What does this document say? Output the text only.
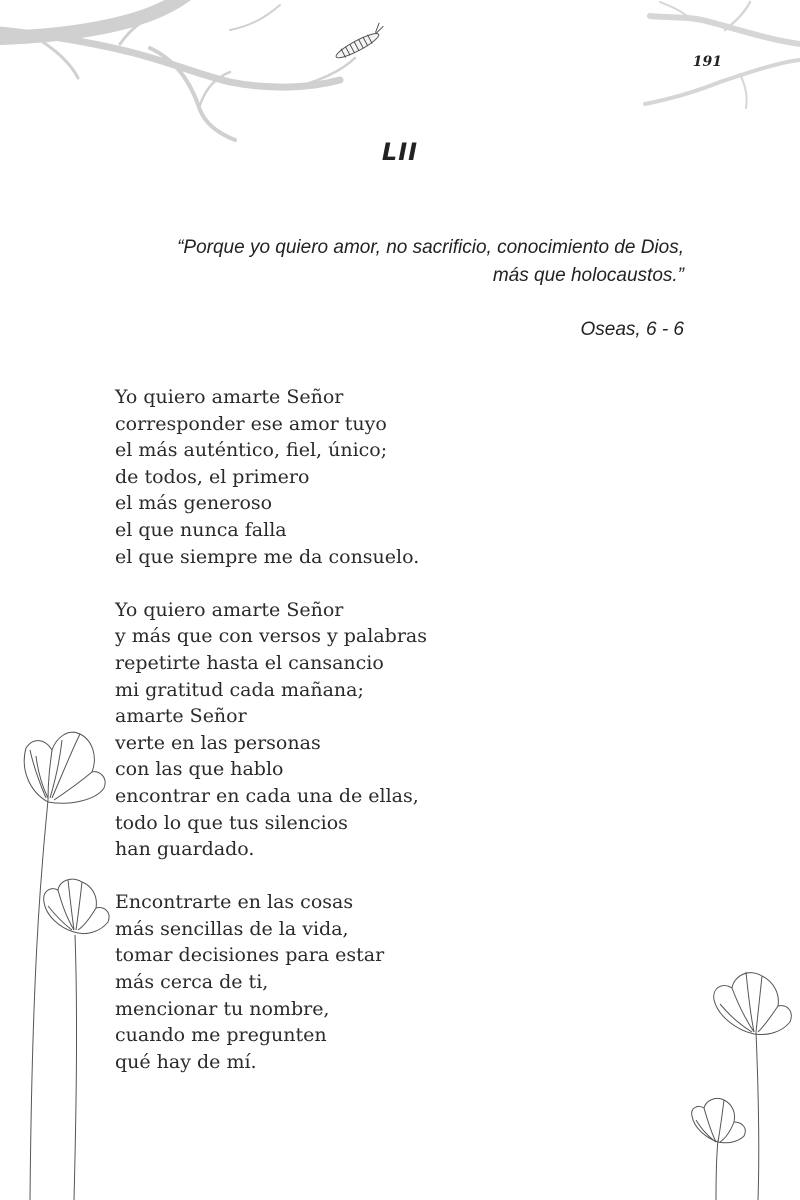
191
LII

“Porque yo quiero amor, no sacrificio, conocimiento de Dios,

más que holocaustos.”

Oseas, 6 - 6
Yo quiero amarte Señor
corresponder ese amor tuyo
el más auténtico, fiel, único;
de todos, el primero
el más generoso
el que nunca falla
el que siempre me da consuelo.
Yo quiero amarte Señor
y más que con versos y palabras
repetirte hasta el cansancio
mi gratitud cada mañana;
amarte Señor
verte en las personas
con las que hablo
encontrar en cada una de ellas,
todo lo que tus silencios
han guardado.
Encontrarte en las cosas
más sencillas de la vida,
tomar decisiones para estar
más cerca de ti,
mencionar tu nombre,
cuando me pregunten
qué hay de mí.
